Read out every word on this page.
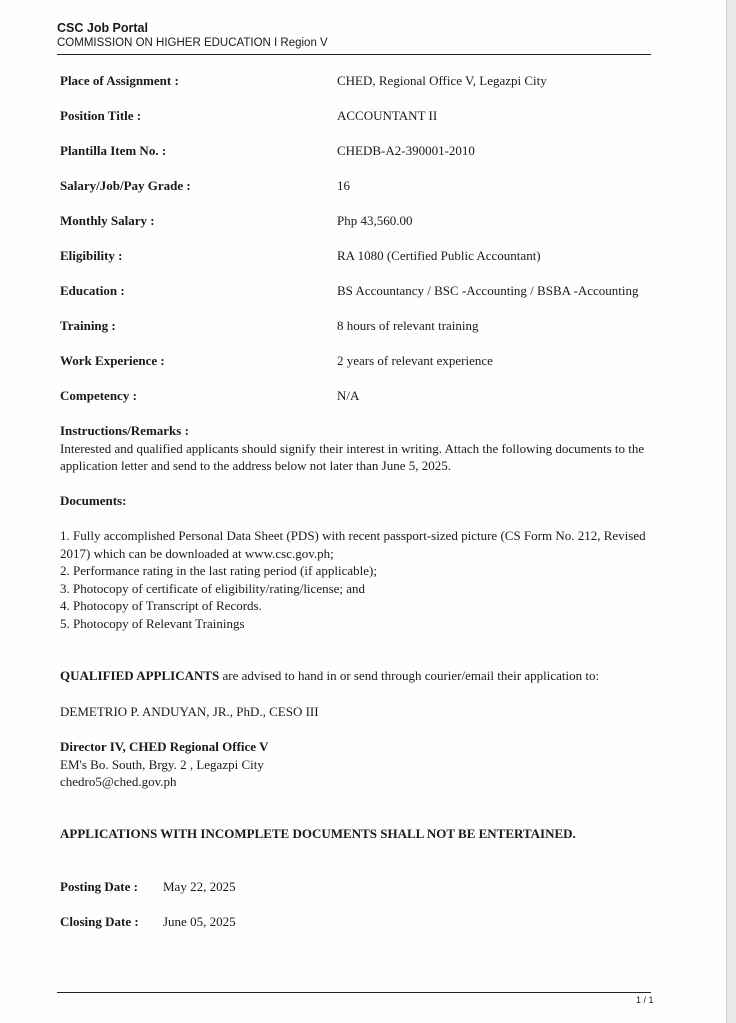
CSC Job Portal
COMMISSION ON HIGHER EDUCATION I Region V
Place of Assignment :	CHED, Regional Office V, Legazpi City
Position Title :	ACCOUNTANT II
Plantilla Item No. :	CHEDB-A2-390001-2010
Salary/Job/Pay Grade :	16
Monthly Salary :	Php 43,560.00
Eligibility :	RA 1080 (Certified Public Accountant)
Education :	BS Accountancy / BSC -Accounting / BSBA -Accounting
Training :	8 hours of relevant training
Work Experience :	2 years of relevant experience
Competency :	N/A
Instructions/Remarks :
Interested and qualified applicants should signify their interest in writing. Attach the following documents to the application letter and send to the address below not later than June 5, 2025.
Documents:
1. Fully accomplished Personal Data Sheet (PDS) with recent passport-sized picture (CS Form No. 212, Revised 2017) which can be downloaded at www.csc.gov.ph;
2. Performance rating in the last rating period (if applicable);
3. Photocopy of certificate of eligibility/rating/license; and
4. Photocopy of Transcript of Records.
5. Photocopy of Relevant Trainings
QUALIFIED APPLICANTS are advised to hand in or send through courier/email their application to:
DEMETRIO P. ANDUYAN, JR., PhD., CESO III
Director IV, CHED Regional Office V
EM's Bo. South, Brgy. 2 , Legazpi City
chedro5@ched.gov.ph
APPLICATIONS WITH INCOMPLETE DOCUMENTS SHALL NOT BE ENTERTAINED.
Posting Date : May 22, 2025
Closing Date : June 05, 2025
1 / 1
